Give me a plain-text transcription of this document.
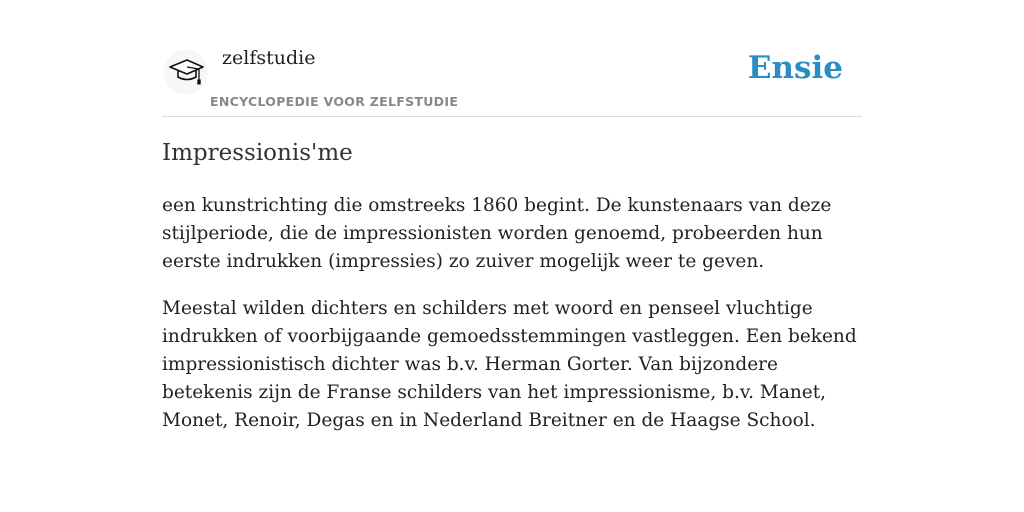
zelfstudie
ENCYCLOPEDIE VOOR ZELFSTUDIE
Ensie
Impressionis'me

een kunstrichting die omstreeks 1860 begint. De kunstenaars van deze stijlperiode, die de impressionisten worden genoemd, probeerden hun eerste indrukken (impressies) zo zuiver mogelijk weer te geven.

Meestal wilden dichters en schilders met woord en penseel vluchtige indrukken of voorbijgaande gemoedsstemmingen vastleggen. Een bekend impressionistisch dichter was b.v. Herman Gorter. Van bijzondere betekenis zijn de Franse schilders van het impressionisme, b.v. Manet, Monet, Renoir, Degas en in Nederland Breitner en de Haagse School.
